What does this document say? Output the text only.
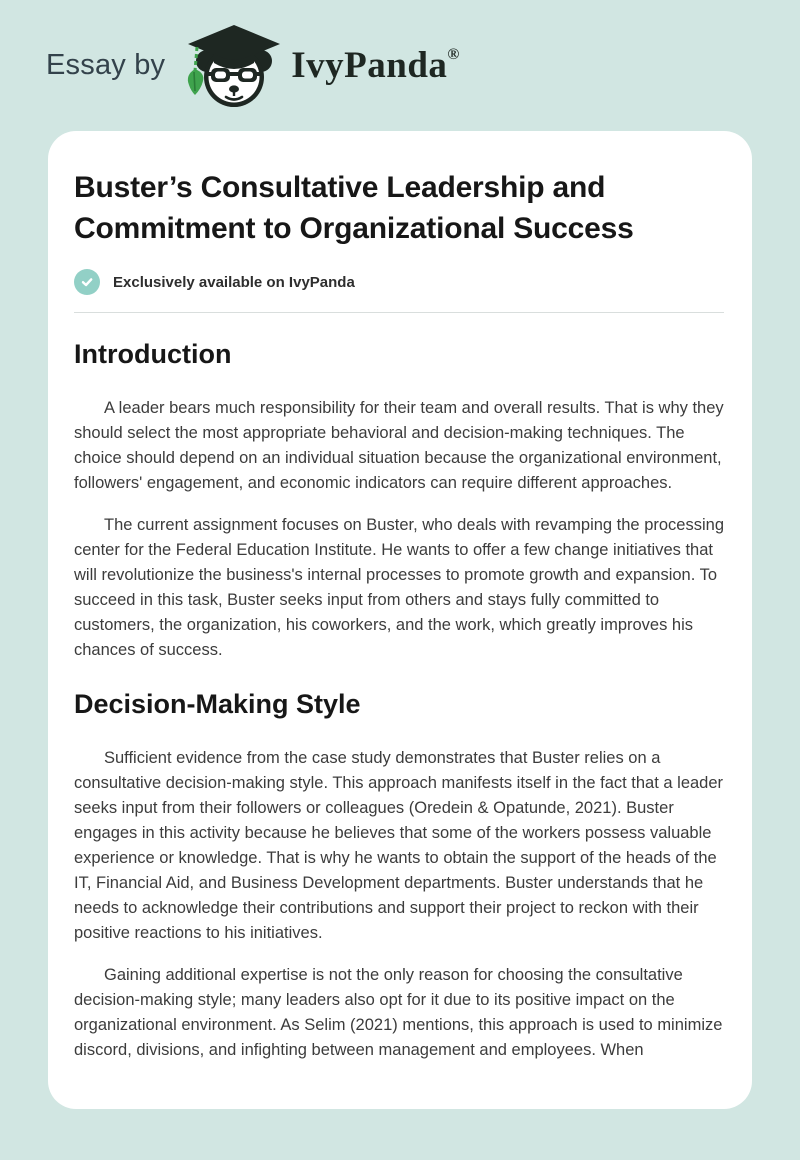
Essay by	IvyPanda®
Buster’s Consultative Leadership and Commitment to Organizational Success
Exclusively available on IvyPanda
Introduction

A leader bears much responsibility for their team and overall results. That is why they should select the most appropriate behavioral and decision-making techniques. The choice should depend on an individual situation because the organizational environment, followers' engagement, and economic indicators can require different approaches.

The current assignment focuses on Buster, who deals with revamping the processing center for the Federal Education Institute. He wants to offer a few change initiatives that will revolutionize the business's internal processes to promote growth and expansion. To succeed in this task, Buster seeks input from others and stays fully committed to customers, the organization, his coworkers, and the work, which greatly improves his chances of success.

Decision-Making Style

Sufficient evidence from the case study demonstrates that Buster relies on a consultative decision-making style. This approach manifests itself in the fact that a leader seeks input from their followers or colleagues (Oredein & Opatunde, 2021). Buster engages in this activity because he believes that some of the workers possess valuable experience or knowledge. That is why he wants to obtain the support of the heads of the IT, Financial Aid, and Business Development departments. Buster understands that he needs to acknowledge their contributions and support their project to reckon with their positive reactions to his initiatives.

Gaining additional expertise is not the only reason for choosing the consultative decision-making style; many leaders also opt for it due to its positive impact on the organizational environment. As Selim (2021) mentions, this approach is used to minimize discord, divisions, and infighting between management and employees. When
